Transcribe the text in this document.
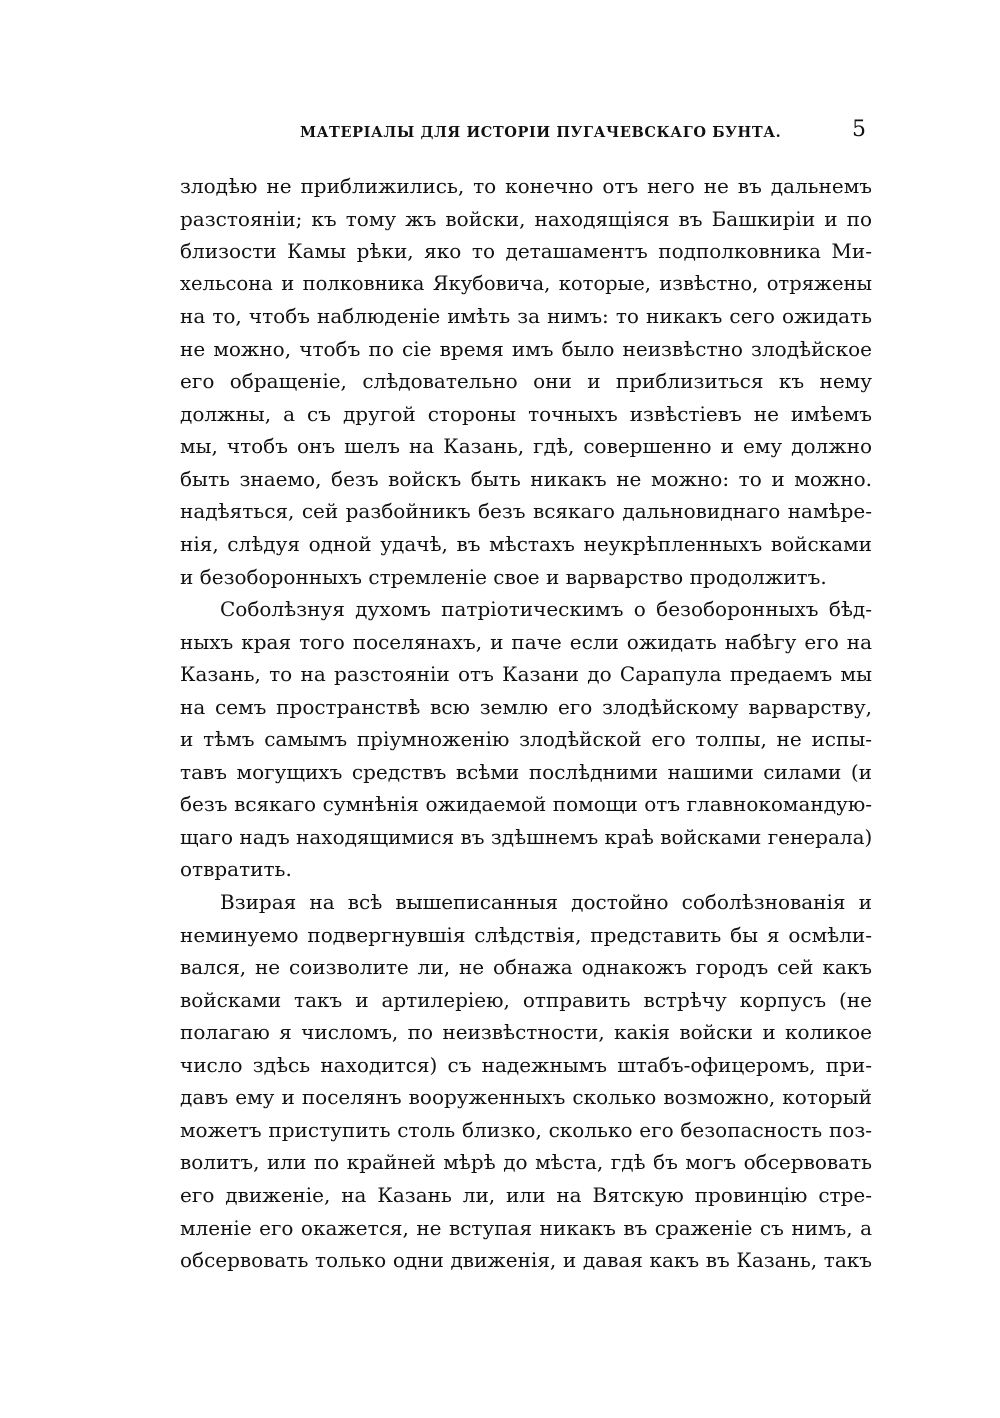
МАТЕРІАЛЫ ДЛЯ ИСТОРІИ ПУГАЧЕВСКАГО БУНТА.	5
злодѣю не приближились, то конечно отъ него не въ дальнемъ
разстояніи; къ тому жъ войски, находящіяся въ Башкиріи и по
близости Камы рѣки, яко то деташаментъ подполковника Ми-
хельсона и полковника Якубовича, которые, извѣстно, отряжены
на то, чтобъ наблюденіе имѣть за нимъ: то никакъ сего ожидать
не можно, чтобъ по сіе время имъ было неизвѣстно злодѣйское
его обращеніе, слѣдовательно они и приблизиться къ нему
должны, а съ другой стороны точныхъ извѣстіевъ не имѣемъ
мы, чтобъ онъ шелъ на Казань, гдѣ, совершенно и ему должно
быть знаемо, безъ войскъ быть никакъ не можно: то и можно.
надѣяться, сей разбойникъ безъ всякаго дальновиднаго намѣре-
нія, слѣдуя одной удачѣ, въ мѣстахъ неукрѣпленныхъ войсками
и безоборонныхъ стремленіе свое и варварство продолжитъ.
Соболѣзнуя духомъ патріотическимъ о безоборонныхъ бѣд-
ныхъ края того поселянахъ, и паче если ожидать набѣгу его на
Казань, то на разстояніи отъ Казани до Сарапула предаемъ мы
на семъ пространствѣ всю землю его злодѣйскому варварству,
и тѣмъ самымъ пріумноженію злодѣйской его толпы, не испы-
тавъ могущихъ средствъ всѣми послѣдними нашими силами (и
безъ всякаго сумнѣнія ожидаемой помощи отъ главнокомандую-
щаго надъ находящимися въ здѣшнемъ краѣ войсками генерала)
отвратить.
Взирая на всѣ вышеписанныя достойно соболѣзнованія и
неминуемо подвергнувшія слѣдствія, представить бы я осмѣли-
вался, не соизволите ли, не обнажа однакожъ городъ сей какъ
войсками такъ и артилеріею, отправить встрѣчу корпусъ (не
полагаю я числомъ, по неизвѣстности, какія войски и коликое
число здѣсь находится) съ надежнымъ штабъ-офицеромъ, при-
давъ ему и поселянъ вооруженныхъ сколько возможно, который
можетъ приступить столь близко, сколько его безопасность поз-
волитъ, или по крайней мѣрѣ до мѣста, гдѣ бъ могъ обсервовать
его движеніе, на Казань ли, или на Вятскую провинцію стре-
мленіе его окажется, не вступая никакъ въ сраженіе съ нимъ, а
обсервовать только одни движенія, и давая какъ въ Казань, такъ
